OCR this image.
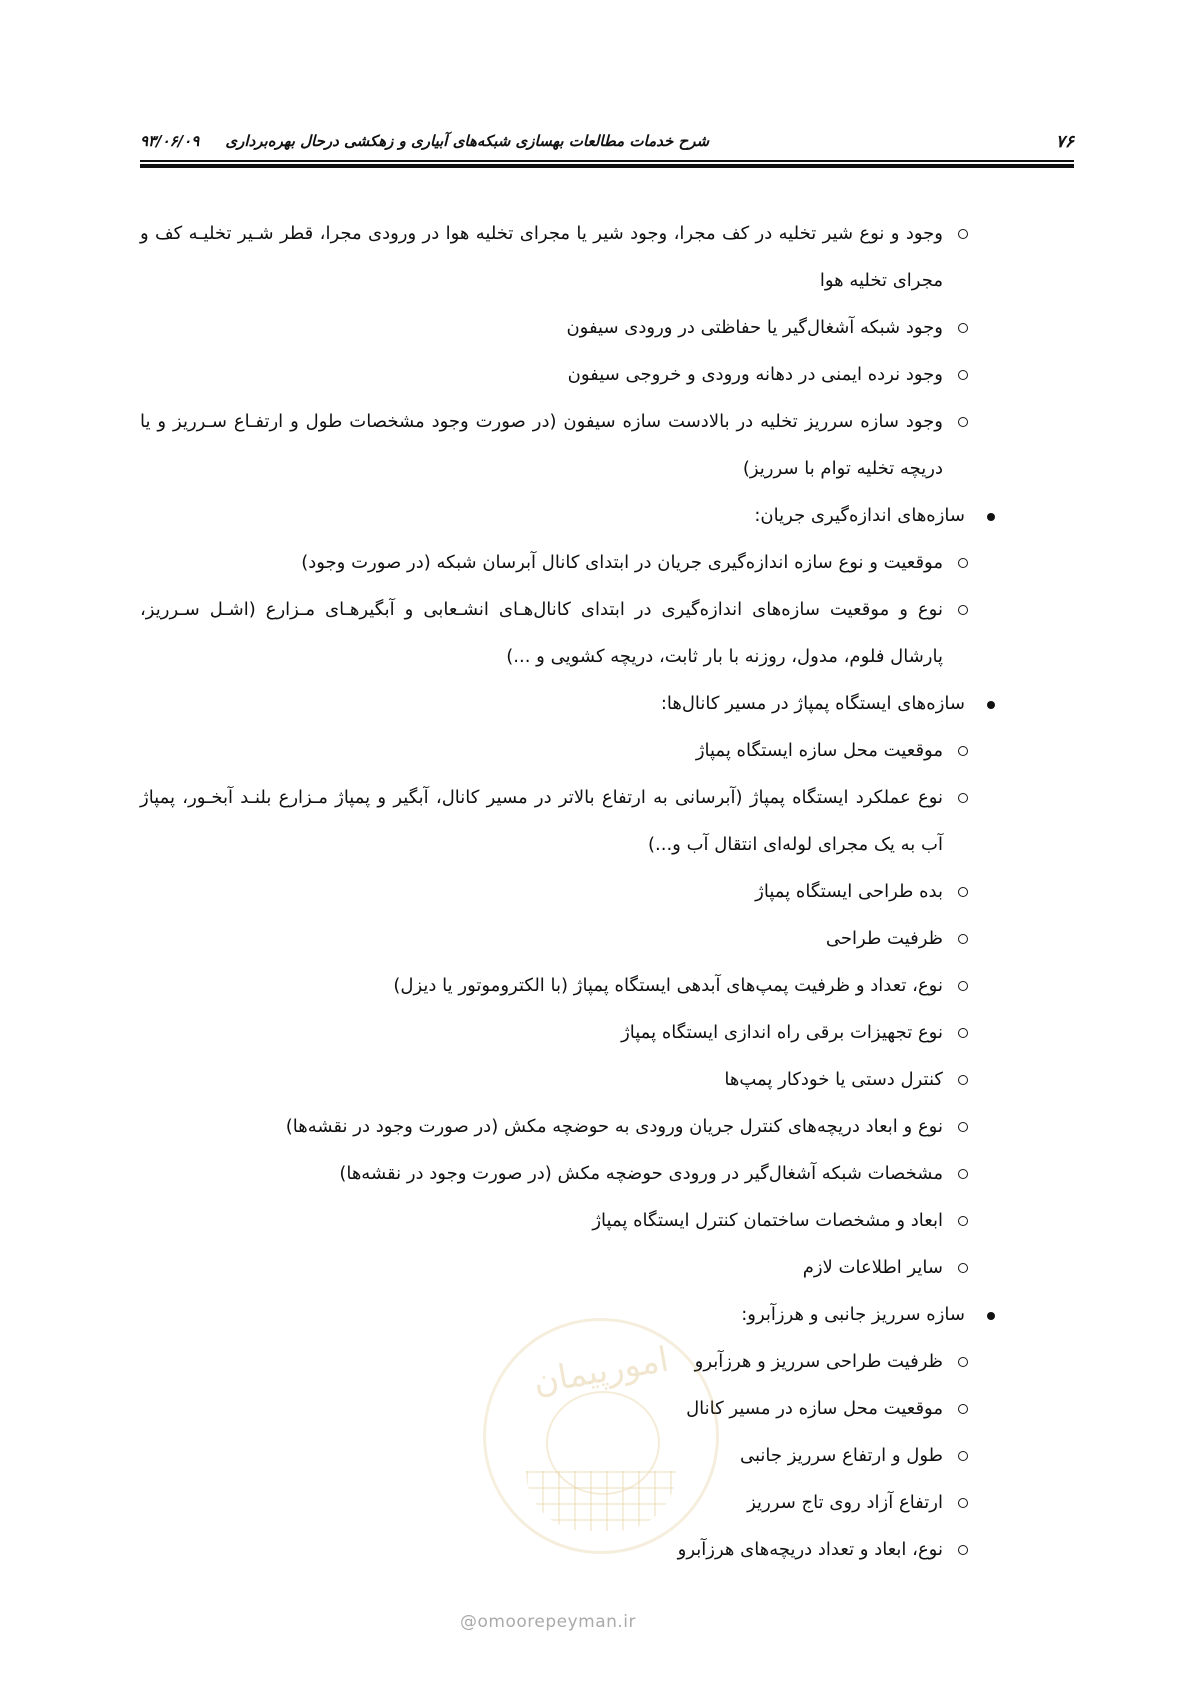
۷۶
شرح خدمات مطالعات بهسازی شبکه‌های آبیاری و زهکشی درحال بهره‌برداری     ۹۳/۰۶/۰۹
وجود و نوع شیر تخلیه در کف مجرا، وجود شیر یا مجرای تخلیه هوا در ورودی مجرا، قطر شـیر تخلیـه کف و مجرای تخلیه هوا
وجود شبکه آشغال‌گیر یا حفاظتی در ورودی سیفون
وجود نرده ایمنی در دهانه ورودی و خروجی سیفون
وجود سازه سرریز تخلیه در بالادست سازه سیفون (در صورت وجود مشخصات طول و ارتفـاع سـرریز و یا دریچه تخلیه توام با سرریز)
سازه‌های اندازه‌گیری جریان:
موقعیت و نوع سازه اندازه‌گیری جریان در ابتدای کانال آبرسان شبکه (در صورت وجود)
نوع و موقعیت سازه‌های اندازه‌گیری در ابتدای کانال‌هـای انشـعابی و آبگیرهـای مـزارع (اشـل سـرریز، پارشال فلوم، مدول، روزنه با بار ثابت، دریچه کشویی و ...)
سازه‌های ایستگاه پمپاژ در مسیر کانال‌ها:
موقعیت محل سازه ایستگاه پمپاژ
نوع عملکرد ایستگاه پمپاژ (آبرسانی به ارتفاع بالاتر در مسیر کانال، آبگیر و پمپاژ مـزارع بلنـد آبخـور، پمپاژ آب به یک مجرای لوله‌ای انتقال آب و...)
بده طراحی ایستگاه پمپاژ
ظرفیت طراحی
نوع، تعداد و ظرفیت پمپ‌های آبدهی ایستگاه پمپاژ (با الکتروموتور یا دیزل)
نوع تجهیزات برقی راه اندازی ایستگاه پمپاژ
کنترل دستی یا خودکار پمپ‌ها
نوع و ابعاد دریچه‌های کنترل جریان ورودی به حوضچه مکش (در صورت وجود در نقشه‌ها)
مشخصات شبکه آشغال‌گیر در ورودی حوضچه مکش (در صورت وجود در نقشه‌ها)
ابعاد و مشخصات ساختمان کنترل ایستگاه پمپاژ
سایر اطلاعات لازم
سازه سرریز جانبی و هرزآبرو:
ظرفیت طراحی سرریز و هرزآبرو
موقعیت محل سازه در مسیر کانال
طول و ارتفاع سرریز جانبی
ارتفاع آزاد روی تاج سرریز
نوع، ابعاد و تعداد دریچه‌های هرزآبرو
امورپیمان
@omoorepeyman.ir
